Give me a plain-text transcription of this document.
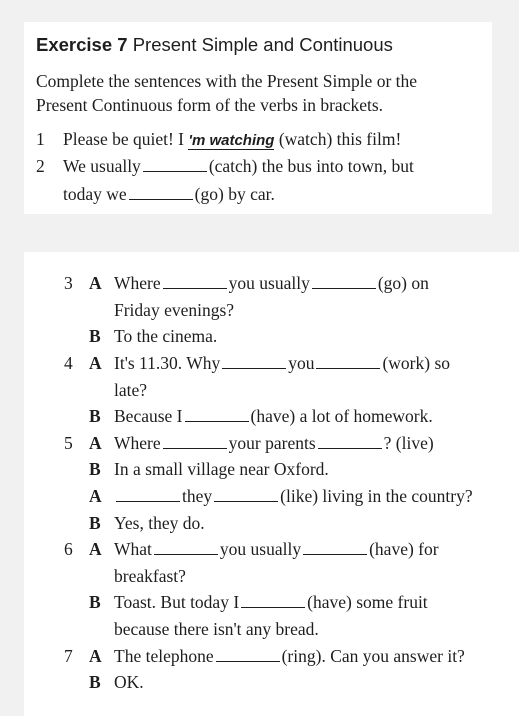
Exercise 7 Present Simple and Continuous
Complete the sentences with the Present Simple or the
Present Continuous form of the verbs in brackets.
1 Please be quiet! I 'm watching (watch) this film!
2 We usually	(catch) the bus into town, but
today we	(go) by car.
3 A Where	you usually	(go) on
Friday evenings?
B To the cinema.
4 A It's 11.30. Why	you	(work) so
late?
B Because I	(have) a lot of homework.
5 A Where	your parents	? (live)
B In a small village near Oxford.
A	they	(like) living in the country?
B Yes, they do.
6 A What	you usually	(have) for
breakfast?
B Toast. But today I	(have) some fruit
because there isn't any bread.
7 A The telephone	(ring). Can you answer it?
B OK.
